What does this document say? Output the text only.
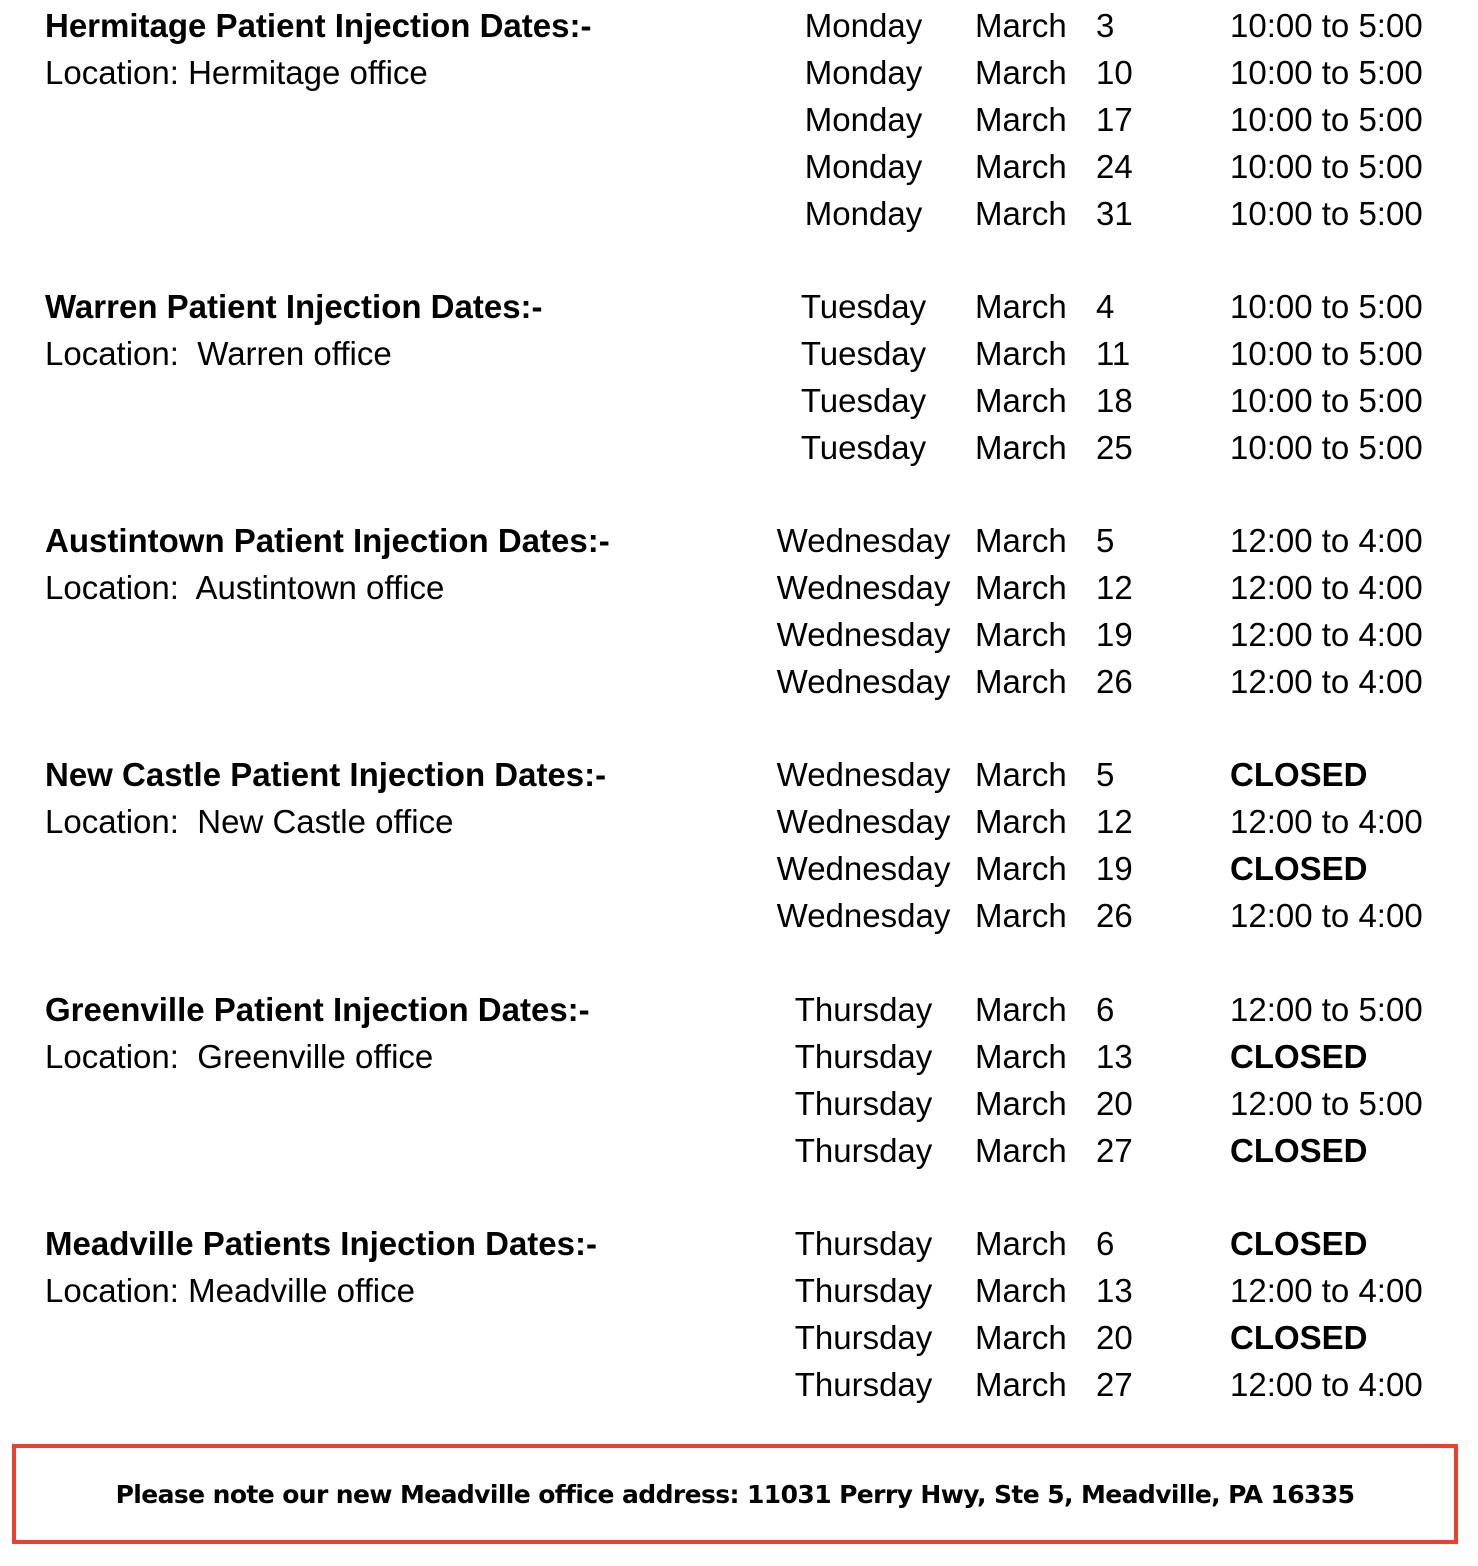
Hermitage Patient Injection Dates:-
Location: Hermitage office
Monday	March 3	10:00 to 5:00
Monday	March 10	10:00 to 5:00
Monday	March 17	10:00 to 5:00
Monday	March 24	10:00 to 5:00
Monday	March 31	10:00 to 5:00
Warren Patient Injection Dates:-
Location:  Warren office
Tuesday	March 4	10:00 to 5:00
Tuesday	March 11	10:00 to 5:00
Tuesday	March 18	10:00 to 5:00
Tuesday	March 25	10:00 to 5:00
Austintown Patient Injection Dates:-
Location:  Austintown office
Wednesday March 5	12:00 to 4:00
Wednesday March 12	12:00 to 4:00
Wednesday March 19	12:00 to 4:00
Wednesday March 26	12:00 to 4:00
New Castle Patient Injection Dates:-
Location:  New Castle office
Wednesday March 5	CLOSED
Wednesday March 12	12:00 to 4:00
Wednesday March 19	CLOSED
Wednesday March 26	12:00 to 4:00
Greenville Patient Injection Dates:-
Location:  Greenville office
Thursday	March 6	12:00 to 5:00
Thursday	March 13	CLOSED
Thursday	March 20	12:00 to 5:00
Thursday	March 27	CLOSED
Meadville Patients Injection Dates:-
Location: Meadville office
Thursday	March 6	CLOSED
Thursday	March 13	12:00 to 4:00
Thursday	March 20	CLOSED
Thursday	March 27	12:00 to 4:00
Please note our new Meadville office address: 11031 Perry Hwy, Ste 5, Meadville, PA 16335
